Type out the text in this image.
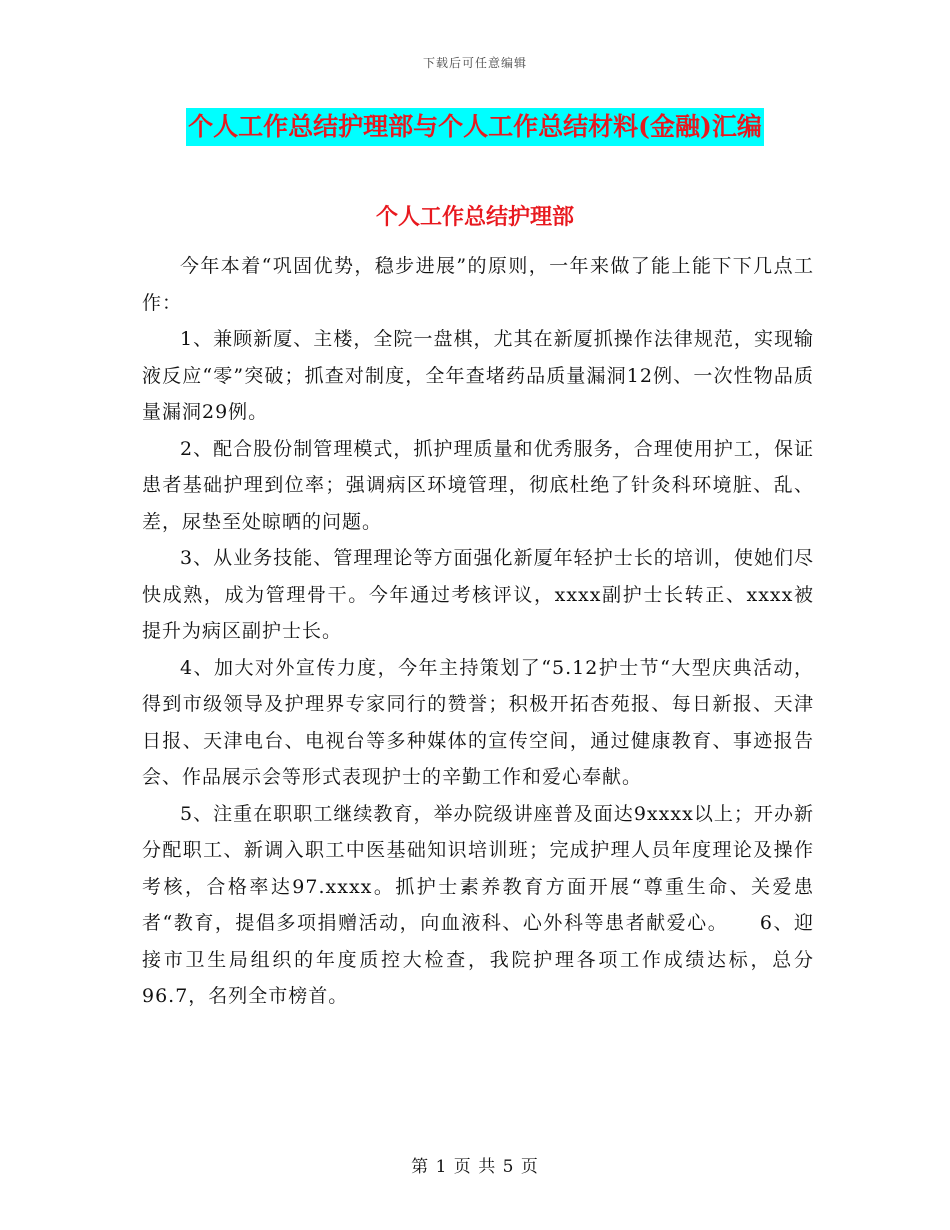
下载后可任意编辑
个人工作总结护理部与个人工作总结材料(金融)汇编
个人工作总结护理部

今年本着“巩固优势，稳步进展”的原则，一年来做了能上能下下几点工作：

1、兼顾新厦、主楼，全院一盘棋，尤其在新厦抓操作法律规范，实现输液反应“零”突破；抓查对制度，全年查堵药品质量漏洞12例、一次性物品质量漏洞29例。

2、配合股份制管理模式，抓护理质量和优秀服务，合理使用护工，保证患者基础护理到位率；强调病区环境管理，彻底杜绝了针灸科环境脏、乱、差，尿垫至处晾晒的问题。

3、从业务技能、管理理论等方面强化新厦年轻护士长的培训，使她们尽快成熟，成为管理骨干。今年通过考核评议，xxxx副护士长转正、xxxx被提升为病区副护士长。

4、加大对外宣传力度，今年主持策划了“5.12护士节“大型庆典活动，得到市级领导及护理界专家同行的赞誉；积极开拓杏苑报、每日新报、天津日报、天津电台、电视台等多种媒体的宣传空间，通过健康教育、事迹报告会、作品展示会等形式表现护士的辛勤工作和爱心奉献。

5、注重在职职工继续教育，举办院级讲座普及面达9xxxx以上；开办新分配职工、新调入职工中医基础知识培训班；完成护理人员年度理论及操作考核，合格率达97.xxxx。抓护士素养教育方面开展“尊重生命、关爱患者“教育，提倡多项捐赠活动，向血液科、心外科等患者献爱心。　　6、迎接市卫生局组织的年度质控大检查，我院护理各项工作成绩达标，总分96.7，名列全市榜首。

第 1 页 共 5 页
